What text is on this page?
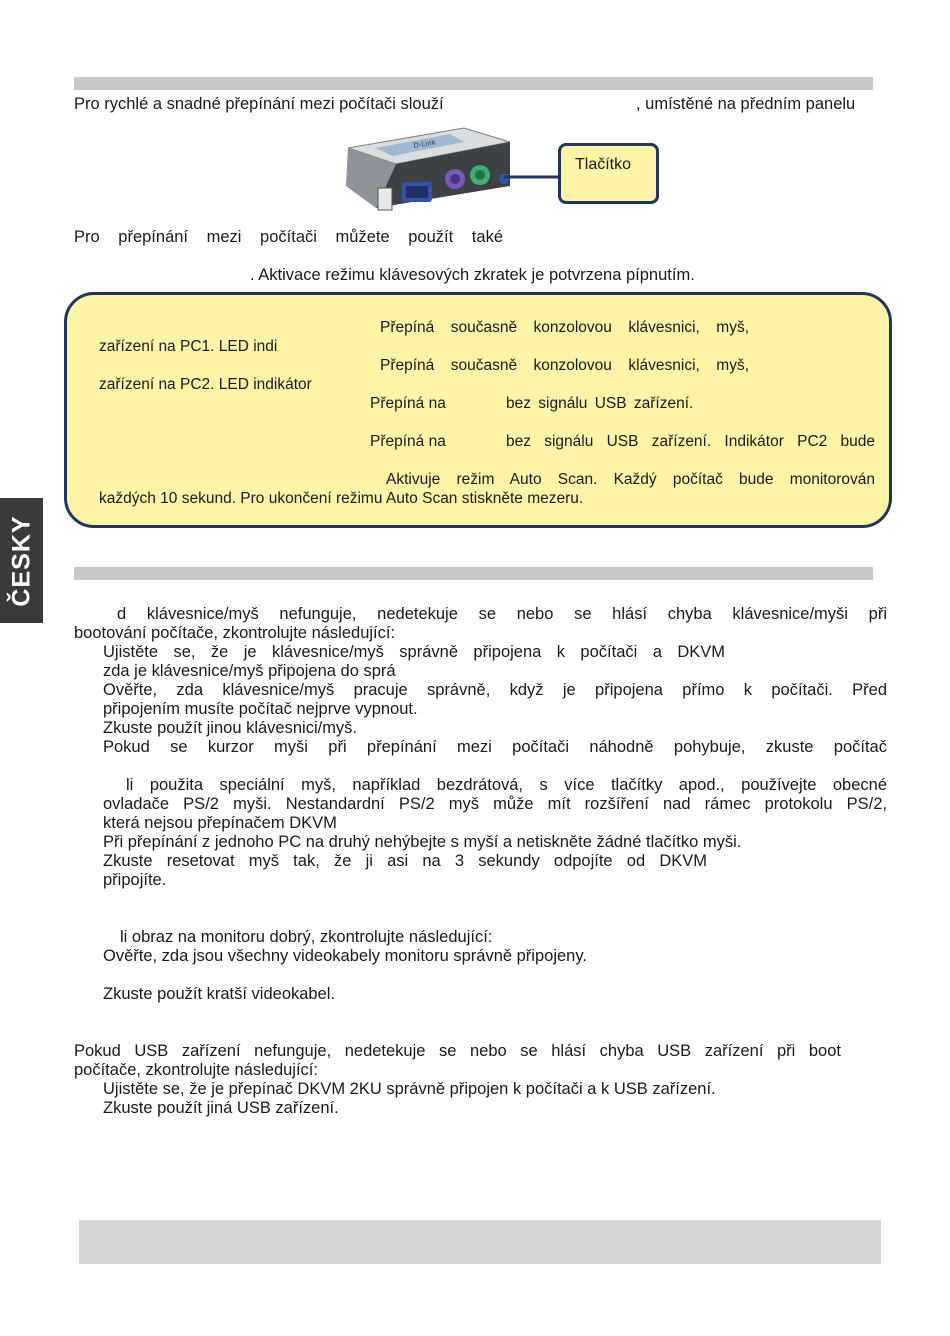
Pro rychlé a snadné přepínání mezi počítači slouží	, umístěné na předním panelu
D-Link
Tlačítko
Pro přepínání mezi počítači můžete použít také
. Aktivace režimu klávesových zkratek je potvrzena pípnutím.
Přepíná současně konzolovou klávesnici, myš,
zařízení na PC1. LED indi
Přepíná současně konzolovou klávesnici, myš,
zařízení na PC2. LED indikátor
Přepíná na	bez signálu USB zařízení.
Přepíná na	bez signálu USB zařízení. Indikátor PC2 bude
Aktivuje režim Auto Scan. Každý počítač bude monitorován
každých 10 sekund. Pro ukončení režimu Auto Scan stiskněte mezeru.
ČESKY
d klávesnice/myš nefunguje, nedetekuje se nebo se hlásí chyba klávesnice/myši při
bootování počítače, zkontrolujte následující:
Ujistěte se, že je klávesnice/myš správně připojena k počítači a DKVM
zda je klávesnice/myš připojena do sprá
Ověřte, zda klávesnice/myš pracuje správně, když je připojena přímo k počítači. Před
připojením musíte počítač nejprve vypnout.
Zkuste použít jinou klávesnici/myš.
Pokud se kurzor myši při přepínání mezi počítači náhodně pohybuje, zkuste počítač
li použita speciální myš, například bezdrátová, s více tlačítky apod., používejte obecné
ovladače PS/2 myši. Nestandardní PS/2 myš může mít rozšíření nad rámec protokolu PS/2,
která nejsou přepínačem DKVM
Při přepínání z jednoho PC na druhý nehýbejte s myší a netiskněte žádné tlačítko myši.
Zkuste resetovat myš tak, že ji asi na 3 sekundy odpojíte od DKVM
připojíte.
li obraz na monitoru dobrý, zkontrolujte následující:
Ověřte, zda jsou všechny videokabely monitoru správně připojeny.
Zkuste použít kratší videokabel.
Pokud USB zařízení nefunguje, nedetekuje se nebo se hlásí chyba USB zařízení při boot
počítače, zkontrolujte následující:
Ujistěte se, že je přepínač DKVM 2KU správně připojen k počítači a k USB zařízení.
Zkuste použít jiná USB zařízení.
